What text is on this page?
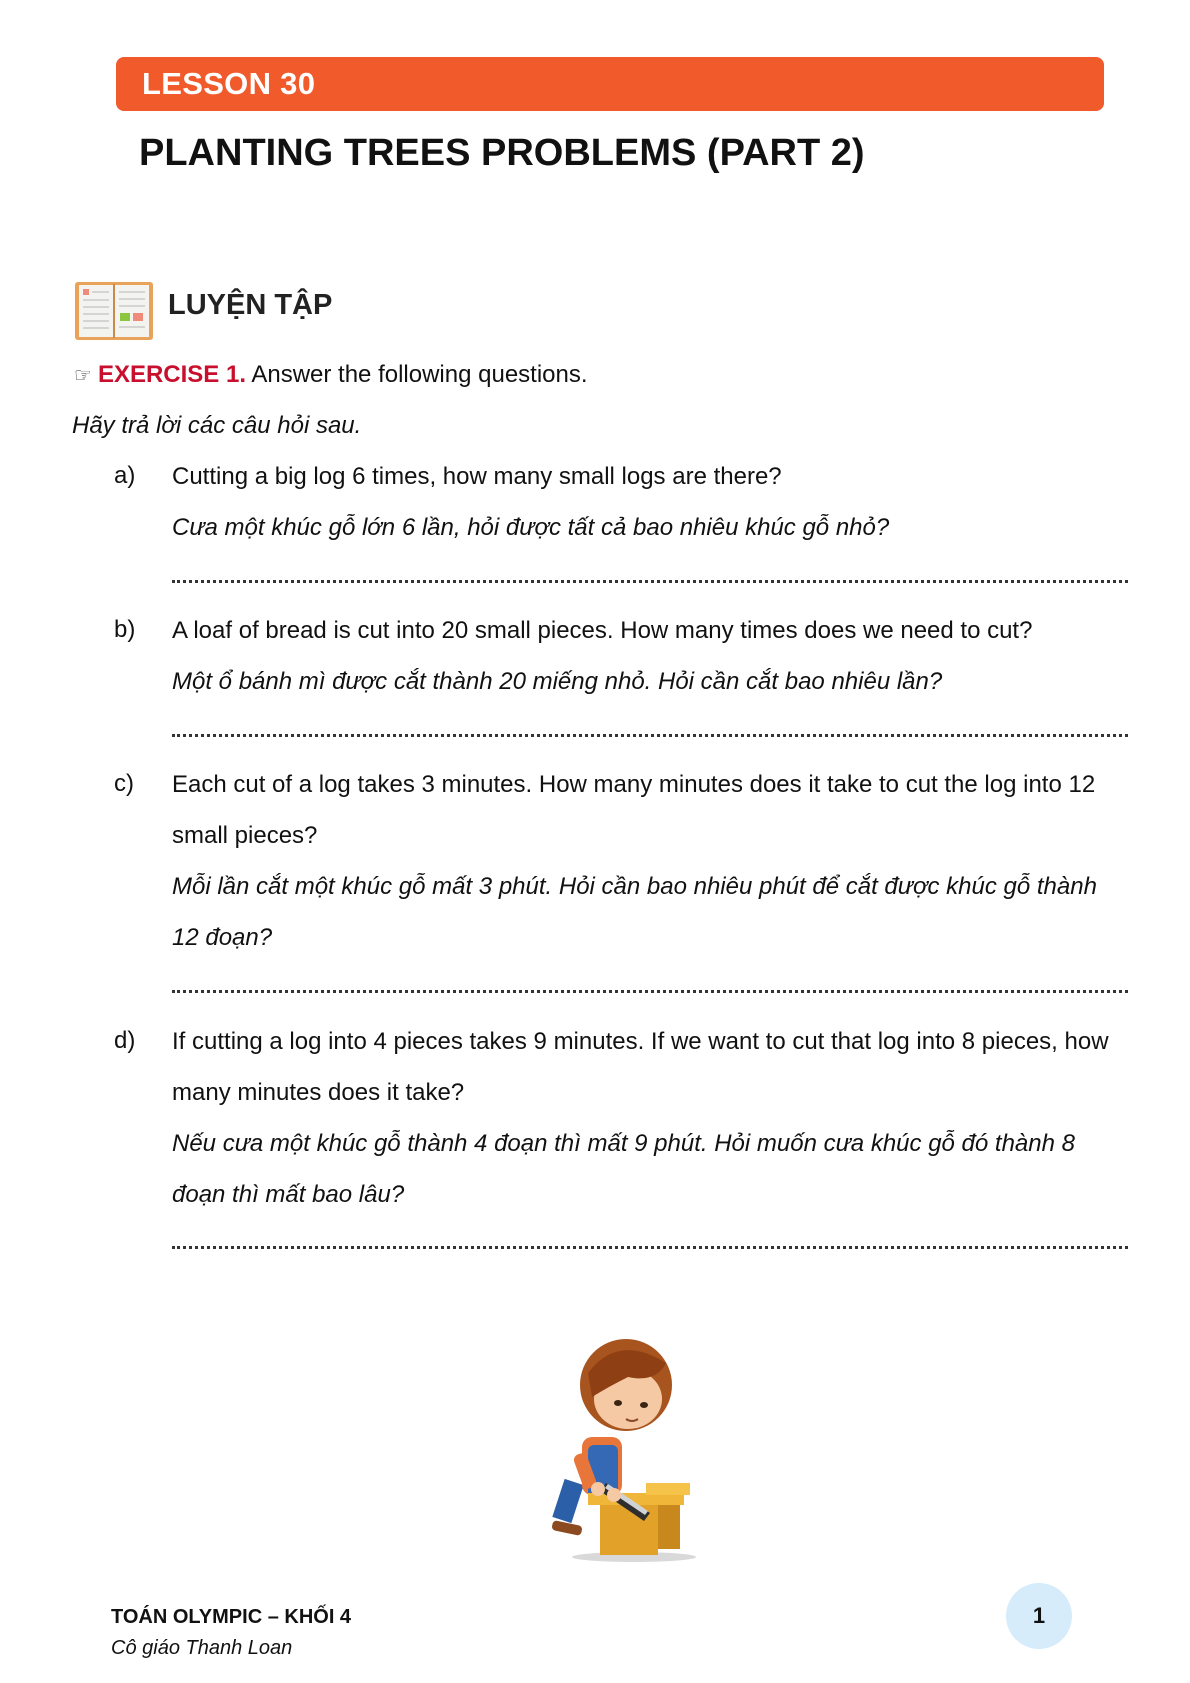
LESSON 30
PLANTING TREES PROBLEMS (PART 2)
LUYỆN TẬP
☞ EXERCISE 1. Answer the following questions.
Hãy trả lời các câu hỏi sau.
a) Cutting a big log 6 times, how many small logs are there?
Cưa một khúc gỗ lớn 6 lần, hỏi được tất cả bao nhiêu khúc gỗ nhỏ?
b) A loaf of bread is cut into 20 small pieces. How many times does we need to cut?
Một ổ bánh mì được cắt thành 20 miếng nhỏ. Hỏi cần cắt bao nhiêu lần?
c) Each cut of a log takes 3 minutes. How many minutes does it take to cut the log into 12 small pieces?
Mỗi lần cắt một khúc gỗ mất 3 phút. Hỏi cần bao nhiêu phút để cắt được khúc gỗ thành 12 đoạn?
d) If cutting a log into 4 pieces takes 9 minutes. If we want to cut that log into 8 pieces, how many minutes does it take?
Nếu cưa một khúc gỗ thành 4 đoạn thì mất 9 phút. Hỏi muốn cưa khúc gỗ đó thành 8 đoạn thì mất bao lâu?
TOÁN OLYMPIC – KHỐI 4
Cô giáo Thanh Loan
1
